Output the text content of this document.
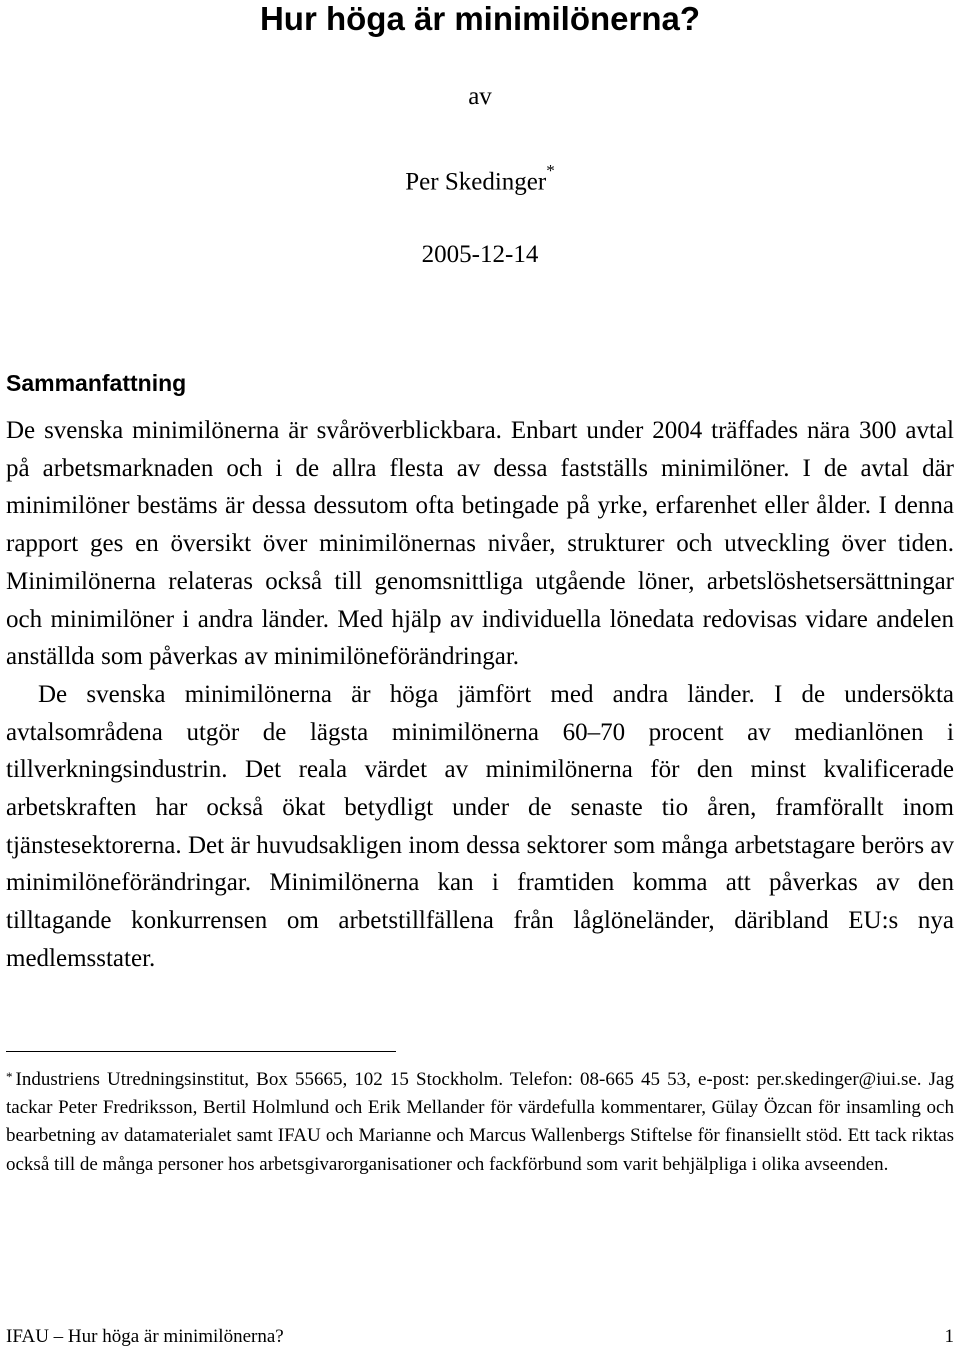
Hur höga är minimilönerna?
av
Per Skedinger*
2005-12-14
Sammanfattning

De svenska minimilönerna är svåröverblickbara. Enbart under 2004 träffades nära 300 avtal på arbetsmarknaden och i de allra flesta av dessa fastställs minimilöner. I de avtal där minimilöner bestäms är dessa dessutom ofta betingade på yrke, erfarenhet eller ålder. I denna rapport ges en översikt över minimilönernas nivåer, strukturer och utveckling över tiden. Minimilönerna relateras också till genomsnittliga utgående löner, arbetslöshetsersättningar och minimilöner i andra länder. Med hjälp av individuella lönedata redovisas vidare andelen anställda som påverkas av minimilöneförändringar.

De svenska minimilönerna är höga jämfört med andra länder. I de undersökta avtalsområdena utgör de lägsta minimilönerna 60–70 procent av medianlönen i tillverkningsindustrin. Det reala värdet av minimilönerna för den minst kvalificerade arbetskraften har också ökat betydligt under de senaste tio åren, framförallt inom tjänstesektorerna. Det är huvudsakligen inom dessa sektorer som många arbetstagare berörs av minimilöneförändringar. Minimilönerna kan i framtiden komma att påverkas av den tilltagande konkurrensen om arbetstillfällena från låglöneländer, däribland EU:s nya medlemsstater.

* Industriens Utredningsinstitut, Box 55665, 102 15 Stockholm. Telefon: 08-665 45 53, e-post: per.skedinger@iui.se. Jag tackar Peter Fredriksson, Bertil Holmlund och Erik Mellander för värdefulla kommentarer, Gülay Özcan för insamling och bearbetning av datamaterialet samt IFAU och Marianne och Marcus Wallenbergs Stiftelse för finansiellt stöd. Ett tack riktas också till de många personer hos arbetsgivarorganisationer och fackförbund som varit behjälpliga i olika avseenden.
IFAU – Hur höga är minimilönerna?	1
